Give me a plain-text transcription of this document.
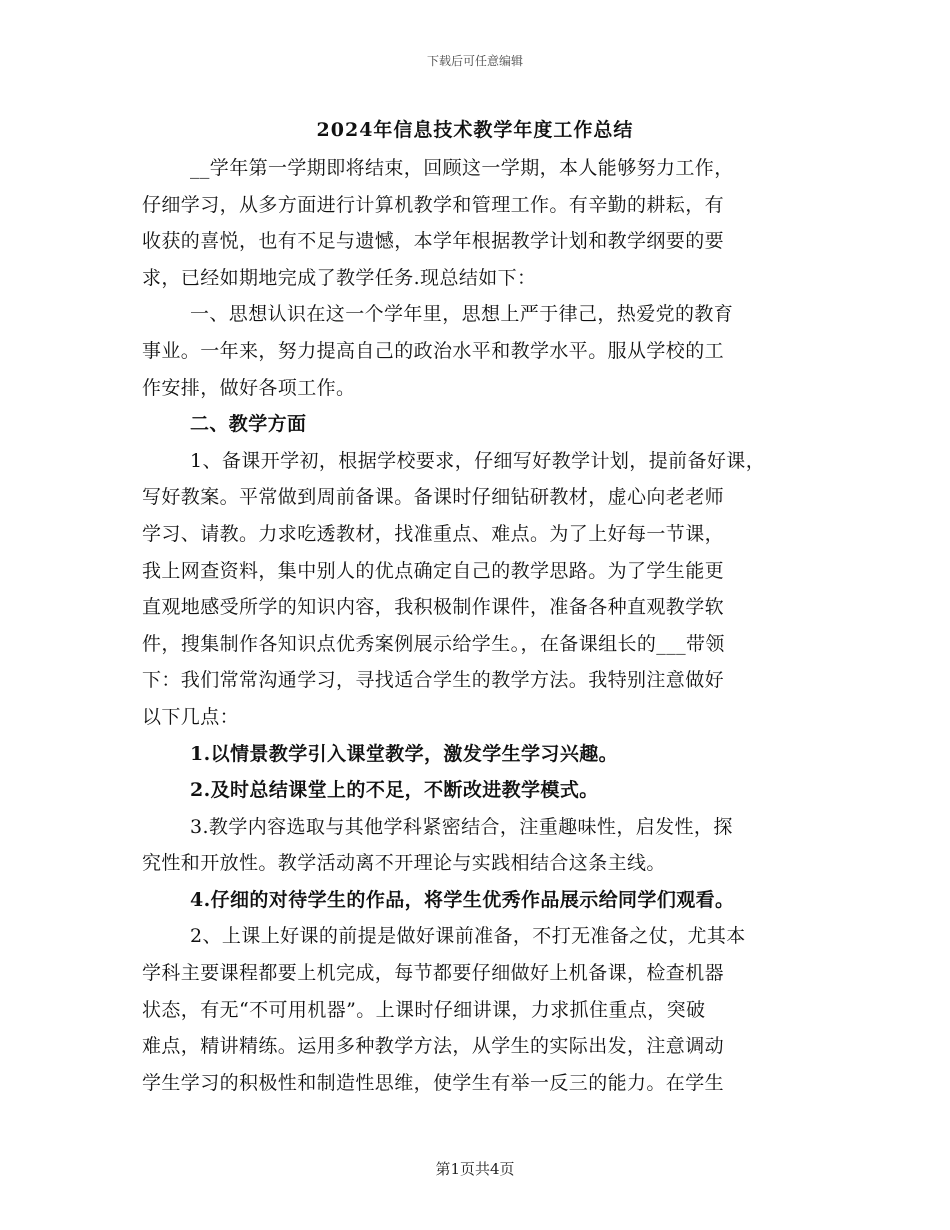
下载后可任意编辑
2024年信息技术教学年度工作总结
__学年第一学期即将结束，回顾这一学期，本人能够努力工作，
仔细学习，从多方面进行计算机教学和管理工作。有辛勤的耕耘，有
收获的喜悦，也有不足与遗憾，本学年根据教学计划和教学纲要的要
求，已经如期地完成了教学任务.现总结如下：
一、思想认识在这一个学年里，思想上严于律己，热爱党的教育
事业。一年来，努力提高自己的政治水平和教学水平。服从学校的工
作安排，做好各项工作。
二、教学方面
1、备课开学初，根据学校要求，仔细写好教学计划，提前备好课，
写好教案。平常做到周前备课。备课时仔细钻研教材，虚心向老老师
学习、请教。力求吃透教材，找准重点、难点。为了上好每一节课，
我上网查资料，集中别人的优点确定自己的教学思路。为了学生能更
直观地感受所学的知识内容，我积极制作课件，准备各种直观教学软
件，搜集制作各知识点优秀案例展示给学生。，在备课组长的___带领
下：我们常常沟通学习，寻找适合学生的教学方法。我特别注意做好
以下几点：
1.以情景教学引入课堂教学，激发学生学习兴趣。
2.及时总结课堂上的不足，不断改进教学模式。
3.教学内容选取与其他学科紧密结合，注重趣味性，启发性，探
究性和开放性。教学活动离不开理论与实践相结合这条主线。
4.仔细的对待学生的作品，将学生优秀作品展示给同学们观看。
2、上课上好课的前提是做好课前准备，不打无准备之仗，尤其本
学科主要课程都要上机完成，每节都要仔细做好上机备课，检查机器
状态，有无“不可用机器”。上课时仔细讲课，力求抓住重点，突破
难点，精讲精练。运用多种教学方法，从学生的实际出发，注意调动
学生学习的积极性和制造性思维，使学生有举一反三的能力。在学生
第1页共4页
